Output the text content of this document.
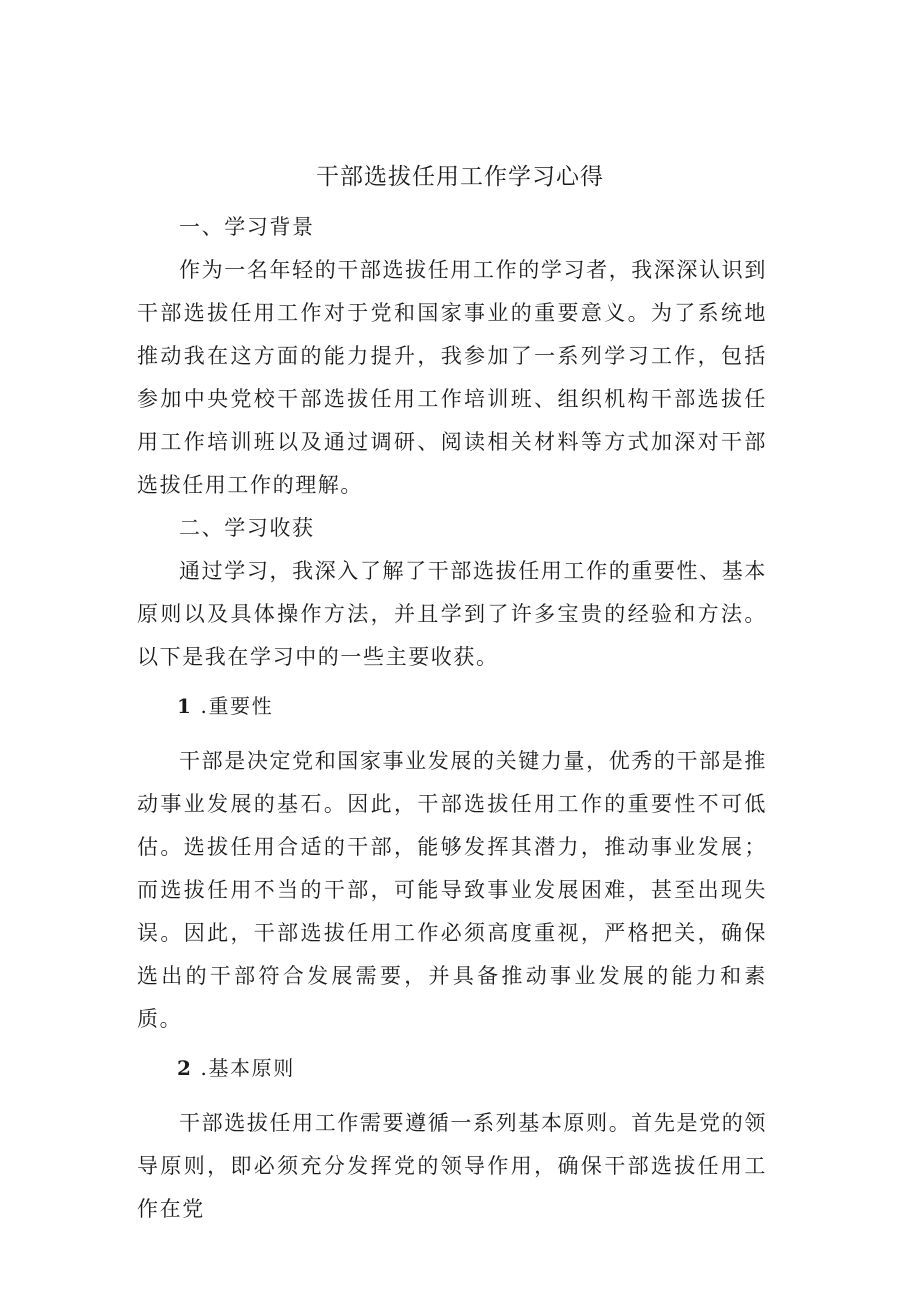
干部选拔任用工作学习心得

一、学习背景

作为一名年轻的干部选拔任用工作的学习者，我深深认识到干部选拔任用工作对于党和国家事业的重要意义。为了系统地推动我在这方面的能力提升，我参加了一系列学习工作，包括参加中央党校干部选拔任用工作培训班、组织机构干部选拔任用工作培训班以及通过调研、阅读相关材料等方式加深对干部选拔任用工作的理解。

二、学习收获

通过学习，我深入了解了干部选拔任用工作的重要性、基本原则以及具体操作方法，并且学到了许多宝贵的经验和方法。以下是我在学习中的一些主要收获。

1 .重要性

干部是决定党和国家事业发展的关键力量，优秀的干部是推动事业发展的基石。因此，干部选拔任用工作的重要性不可低估。选拔任用合适的干部，能够发挥其潜力，推动事业发展；而选拔任用不当的干部，可能导致事业发展困难，甚至出现失误。因此，干部选拔任用工作必须高度重视，严格把关，确保选出的干部符合发展需要，并具备推动事业发展的能力和素质。

2 .基本原则

干部选拔任用工作需要遵循一系列基本原则。首先是党的领导原则，即必须充分发挥党的领导作用，确保干部选拔任用工作在党
